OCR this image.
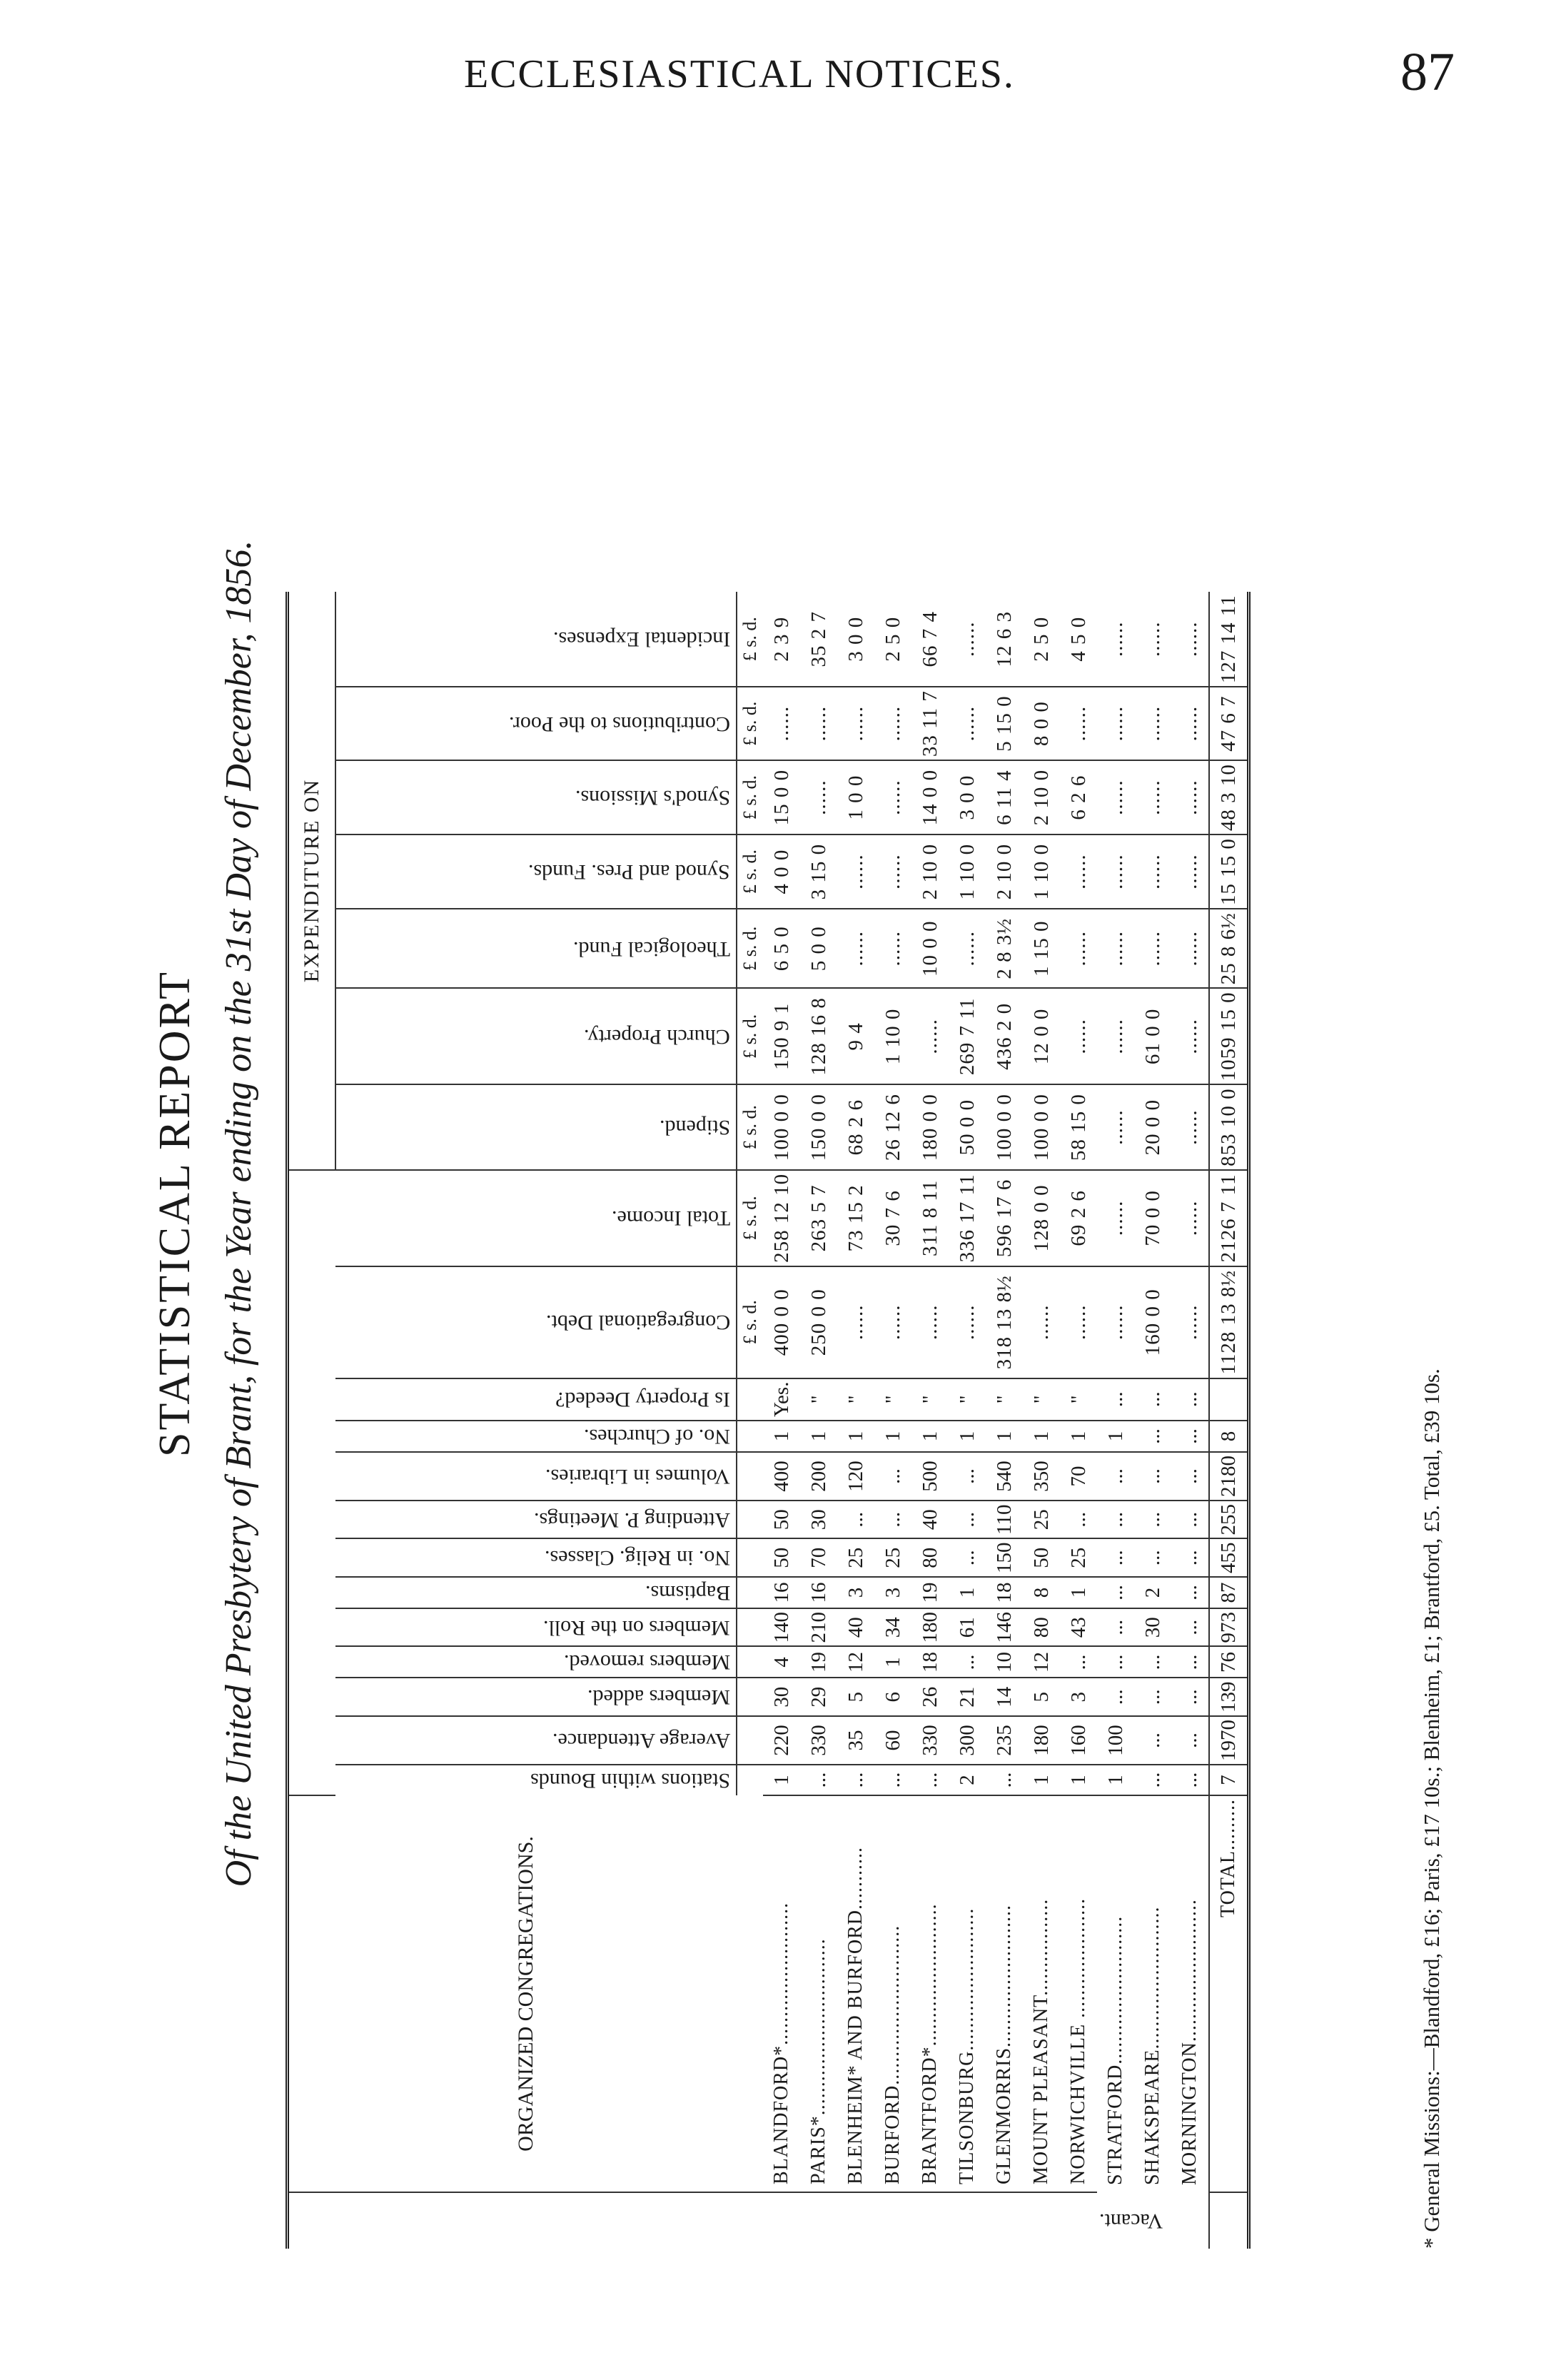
ECCLESIASTICAL NOTICES.	87
STATISTICAL REPORT Of the United Presbytery of Brant, for the Year ending on the 31st Day of December, 1856.
	ORGANIZED CONGREGATIONS.														EXPENDITURE ON						
		Stations within Bounds	Average Attendance.	Members added.	Members removed.	Members on the Roll.	Baptisms.	No. in Relig. Classes.	Attending P. Meetings.	Volumes in Libraries.	No. of Churches.	Is Property Deeded?	Congregational Debt.	Total Income.	Stipend.	Church Property.	Theological Fund.	Synod and Pres. Funds.	Synod's Missions.	Contributions to the Poor.	Incidental Expenses.
													£ s. d.	£ s. d.	£ s. d.	£ s. d.	£ s. d.	£ s. d.	£ s. d.	£ s. d.	£ s. d.
	BLANDFORD*.........................	1	220	30	4	140	16	50	50	400	1	Yes.	400 0 0	258 12 10	100 0 0	150 9 1	6 5 0	4 0 0	15 0 0	......	2 3 9
	PARIS*...............................	...	330	29	19	210	16	70	30	200	1	"	250 0 0	263 5 7	150 0 0	128 16 8	5 0 0	3 15 0	......	......	35 2 7
	BLENHEIM* AND BURFORD...........	...	35	5	12	40	3	25	...	120	1	"	......	73 15 2	68 2 6	9 4	......	......	1 0 0	......	3 0 0
	BURFORD............................	...	60	6	1	34	3	25	...	...	1	"	......	30 7 6	26 12 6	1 10 0	......	......	......	......	2 5 0
	BRANTFORD*.........................	...	330	26	18	180	19	80	40	500	1	"	......	311 8 11	180 0 0	......	10 0 0	2 10 0	14 0 0	33 11 7	66 7 4
	TILSONBURG.........................	2	300	21	...	61	1	...	...	...	1	"	......	336 17 11	50 0 0	269 7 11	......	1 10 0	3 0 0	......	......
	GLENMORRIS.........................	...	235	14	10	146	18	150	110	540	1	"	318 13 8½	596 17 6	100 0 0	436 2 0	2 8 3½	2 10 0	6 11 4	5 15 0	12 6 3
	MOUNT PLEASANT.................	1	180	5	12	80	8	50	25	350	1	"	......	128 0 0	100 0 0	12 0 0	1 15 0	1 10 0	2 10 0	8 0 0	2 5 0
Vacant.	NORWICHVILLE .....................	1	160	3	...	43	1	25	...	70	1	"	......	69 2 6	58 15 0	......	......	......	6 2 6	......	4 5 0
	STRATFORD..........................	1	100	...	...	...	...	...	...	...	1	...	......	......	......	......	......	......	......	......	......
	SHAKSPEARE.........................	...	...	...	...	30	2	...	...	...	...	...	160 0 0	70 0 0	20 0 0	61 0 0	......	......	......	......	......
	MORNINGTON.........................	...	...	...	...	...	...	...	...	...	...	...	......	......	......	......	......	......	......	......	......
	TOTAL.........	7	1970	139	76	973	87	455	255	2180	8		1128 13 8½	2126 7 11	853 10 0	1059 15 0	25 8 6½	15 15 0	48 3 10	47 6 7	127 14 11
* General Missions:—Blandford, £16; Paris, £17 10s.; Blenheim, £1; Brantford, £5. Total, £39 10s.
